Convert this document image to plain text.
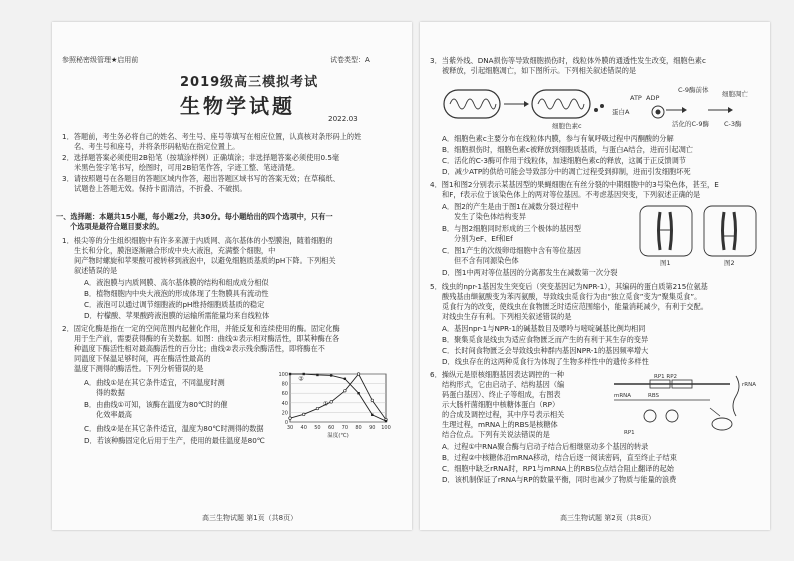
参照秘密级管理★启用前	试卷类型：A
2019级高三模拟考试
生物学试题
2022.03
1．答题前，考生务必将自己的姓名、考生号、座号等填写在相应位置，认真核对条形码上的姓
名、考生号和座号，并将条形码粘贴在指定位置上。
2．选择题答案必须使用2B铅笔（按填涂样例）正确填涂；非选择题答案必须使用0.5毫
米黑色签字笔书写，绘图时，可用2B铅笔作答，字迹工整、笔迹清楚。
3．请按照题号在各题目的答题区域内作答，超出答题区域书写的答案无效；在草稿纸、
试题卷上答题无效。保持卡面清洁，不折叠、不破损。
一、选择题：本题共15小题，每小题2分，共30分。每小题给出的四个选项中，只有一
个选项是最符合题目要求的。
1．根尖等的分生组织细胞中有许多来源于内质网、高尔基体的小型膜泡，随着细胞的
生长和分化，膜泡逐渐融合形成中央大液泡，充满整个细胞，中
间产物时螺旋和苹果酸可被转移到液泡中，以避免细胞质基质的pH下降。下列相关
叙述错误的是
A．液泡膜与内质网膜、高尔基体膜的结构和组成成分相似
B．植物细胞内中央大液泡的形成体现了生物膜具有流动性
C．液泡可以通过调节细胞液的pH维持细胞质基质的稳定
D．柠檬酸、苹果酸跨液泡膜的运输所需能量均来自线粒体
2．固定化酶是指在一定的空间范围内起催化作用，并能反复和连续使用的酶。固定化酶
用于生产前，需要获得酶的有关数据。如图：曲线①表示相对酶活性，即某种酶在各
种温度下酶活性相对最高酶活性的百分比；曲线②表示残余酶活性，即将酶在不
同温度下保温足够时间，再在酶活性最高的
温度下测得的酶活性。下列分析错误的是
A．曲线①是在其它条件适宜，不同温度时测
得的数据
B．由曲线①可知，该酶在温度为80℃时的催
化效率最高
C．曲线②是在其它条件适宜，温度为80℃时测得的数据
D．若该种酶固定化后用于生产，使用的最佳温度是80℃
0
20
40
60
80
100
30 40 50 60 70 80 90 100
温度(℃)
①
②
高三生物试题 第1页（共8页）
3．当紫外线、DNA损伤等导致细胞损伤时，线粒体外膜的通透性发生改变，细胞色素c
被释放，引起细胞凋亡，如下图所示。下列相关叙述错误的是
细胞色素c
蛋白A
ATP ADP
C-9酶前体
活化的C-9酶 C-3酶
细胞凋亡
A．细胞色素c主要分布在线粒体内膜，参与有氧呼吸过程中丙酮酸的分解
B．细胞损伤时，细胞色素c被释放到细胞质基质，与蛋白A结合，进而引起凋亡
C．活化的C-3酶可作用于线粒体，加速细胞色素c的释放，这属于正反馈调节
D．减少ATP的供给可能会导致部分中的凋亡过程受到抑制，进而引发细胞坏死
4．图1和图2分别表示某基因型的果蝇细胞在有丝分裂的中期细胞中的3号染色体，甚至，E
和F，f表示位于该染色体上的两对等位基因。不考虑基因突变，下列叙述正确的是
A．图2的产生是由于图1在减数分裂过程中
发生了染色体结构变异
B．与图2细胞同时形成的三个极体的基因型
分别为eF、Ef和Ef
C．图1产生的次级卵母细胞中含有等位基因
但不含有同源染色体
D．图1中两对等位基因的分离都发生在减数第一次分裂
图1	图2
5．线虫的npr-1基因发生突变后（突变基因记为NPR-1），其编码的蛋白质第215位氨基
酸残基由缬氨酸变为苯丙氨酸，导致线虫觅食行为由“独立觅食”变为“聚集觅食”。
觅食行为的改变，使线虫在食物匮乏时适应范围缩小，能量消耗减少，有利于交配。
对线虫生存有利。下列相关叙述错误的是
A．基因npr-1与NPR-1的碱基数目及嘌呤与嘧啶碱基比例均相同
B．聚集觅食是线虫为适应食物匮乏而产生的有利于其生存的变异
C．长时间食物匮乏会导致线虫种群内基因NPR-1的基因频率增大
D．线虫存在的这两种觅食行为体现了生物多样性中的遗传多样性
6．操纵元是原核细胞基因表达调控的一种
结构形式，它由启动子、结构基因（编
码蛋白基因）、终止子等组成，右图表
示大肠杆菌细胞中核糖体蛋白（RP）
的合成及调控过程，其中序号表示相关
生理过程，mRNA上的RBS是核糖体
结合位点。下列有关说法错误的是
A．过程①中RNA聚合酶与启动子结合后相继驱动多个基因的转录
B．过程②中核糖体沿mRNA移动，结合后逐一阅读密码，直至终止子结束
C．细胞中缺乏rRNA时，RP1与mRNA上的RBS位点结合阻止翻译的起始
D．该机制保证了rRNA与RP的数量平衡，同时也减少了物质与能量的浪费
RP1 RP2
rRNA
mRNA	RBS
RP1
高三生物试题 第2页（共8页）
